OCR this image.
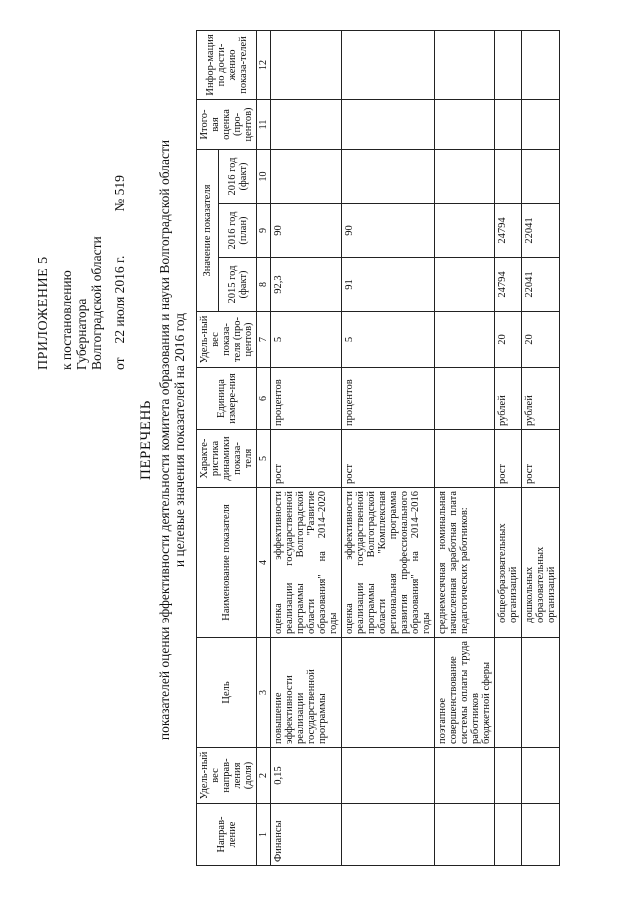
ПРИЛОЖЕНИЕ 5 к постановлению Губернатора Волгоградской области от
22 июля 2016 г.
№ 519
ПЕРЕЧЕНЬ показателей оценки эффективности деятельности комитета образования и науки Волгоградской области и целевые значения показателей на 2016 год
Направ-ление	Удель-ный вес направ-ления (доля)	Цель	Наименование показателя	Характе-ристика динамики показа-теля	Единица измере-ния	Удель-ный вес показа-теля (про-центов)	Значение показателя			Итого-вая оценка (про-центов)	Инфор-мация по дости-жению показа-телей
							2015 год (факт)	2016 год (план)	2016 год (факт)		
1	2	3	4	5	6	7	8	9	10	11	12
Финансы	0,15	повышение эффективности реализации государственной программы	оценка эффективности реализации государственной программы Волгоградской области "Развитие образования" на 2014–2020 годы	рост	процентов	5	92,3	90			
			оценка эффективности реализации государственной программы Волгоградской области "Комплексная региональная программа развития профессионального образования" на 2014–2016 годы	рост	процентов	5	91	90			
		поэтапное совершенствование системы оплаты труда работников бюджетной сферы	среднемесячная номинальная начисленная заработная плата педагогических работников:								
			общеобразовательных организаций	рост	рублей	20	24794	24794			
			дошкольных образовательных организаций	рост	рублей	20	22041	22041			
